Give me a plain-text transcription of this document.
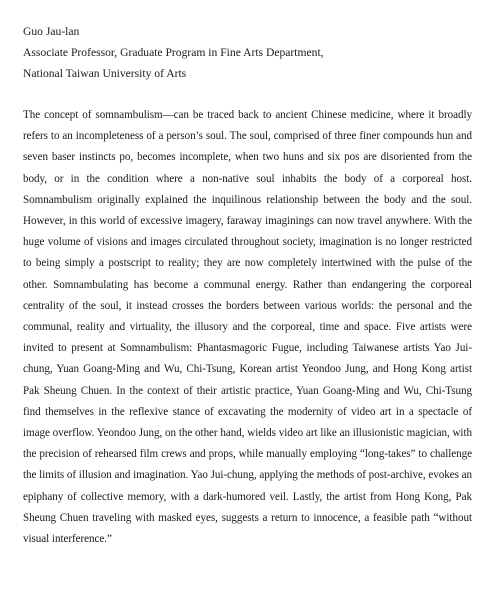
Guo Jau-lan

Associate Professor, Graduate Program in Fine Arts Department,

National Taiwan University of Arts

The concept of somnambulism—can be traced back to ancient Chinese medicine, where it broadly refers to an incompleteness of a person’s soul. The soul, comprised of three finer compounds hun and seven baser instincts po, becomes incomplete, when two huns and six pos are disoriented from the body, or in the condition where a non-native soul inhabits the body of a corporeal host. Somnambulism originally explained the inquilinous relationship between the body and the soul. However, in this world of excessive imagery, faraway imaginings can now travel anywhere. With the huge volume of visions and images circulated throughout society, imagination is no longer restricted to being simply a postscript to reality; they are now completely intertwined with the pulse of the other. Somnambulating has become a communal energy. Rather than endangering the corporeal centrality of the soul, it instead crosses the borders between various worlds: the personal and the communal, reality and virtuality, the illusory and the corporeal, time and space. Five artists were invited to present at Somnambulism: Phantasmagoric Fugue, including Taiwanese artists Yao Jui-chung, Yuan Goang-Ming and Wu, Chi-Tsung, Korean artist Yeondoo Jung, and Hong Kong artist Pak Sheung Chuen. In the context of their artistic practice, Yuan Goang-Ming and Wu, Chi-Tsung find themselves in the reflexive stance of excavating the modernity of video art in a spectacle of image overflow. Yeondoo Jung, on the other hand, wields video art like an illusionistic magician, with the precision of rehearsed film crews and props, while manually employing “long-takes” to challenge the limits of illusion and imagination. Yao Jui-chung, applying the methods of post-archive, evokes an epiphany of collective memory, with a dark-humored veil. Lastly, the artist from Hong Kong, Pak Sheung Chuen traveling with masked eyes, suggests a return to innocence, a feasible path “without visual interference.”
